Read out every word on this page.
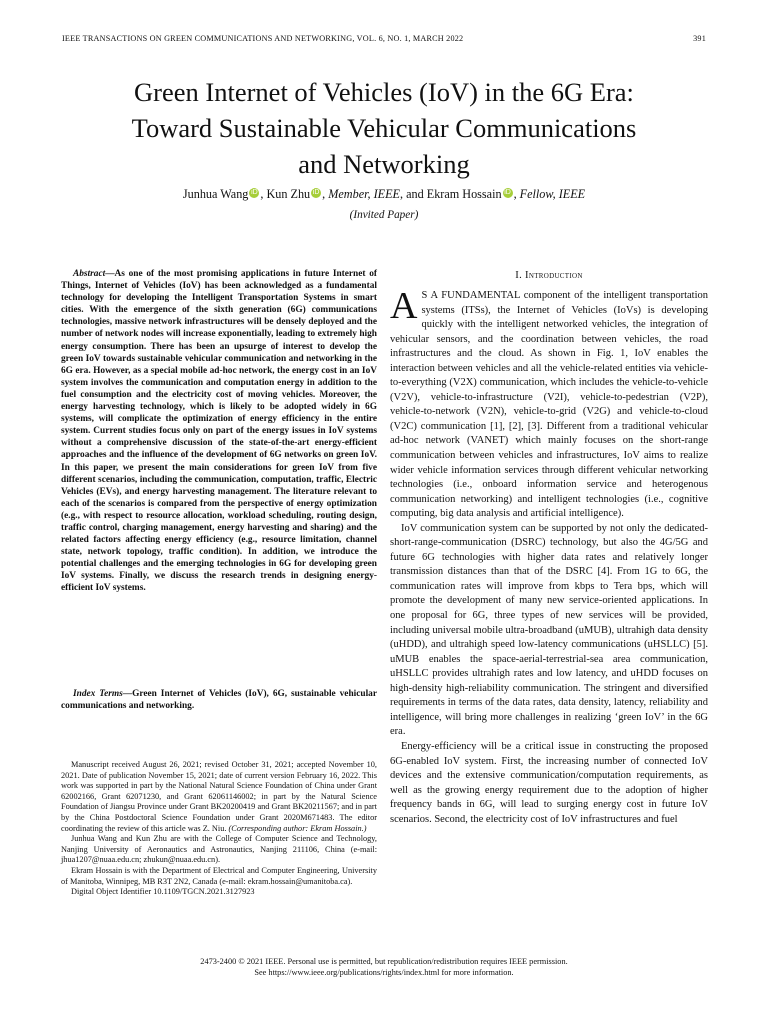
IEEE TRANSACTIONS ON GREEN COMMUNICATIONS AND NETWORKING, VOL. 6, NO. 1, MARCH 2022	391
Green Internet of Vehicles (IoV) in the 6G Era:
Toward Sustainable Vehicular Communications
and Networking
Junhua Wang iD , Kun Zhu iD , Member, IEEE, and Ekram Hossain iD , Fellow, IEEE
(Invited Paper)
Abstract—As one of the most promising applications in future Internet of Things, Internet of Vehicles (IoV) has been acknowledged as a fundamental technology for developing the Intelligent Transportation Systems in smart cities. With the emergence of the sixth generation (6G) communications technologies, massive network infrastructures will be densely deployed and the number of network nodes will increase exponentially, leading to extremely high energy consumption. There has been an upsurge of interest to develop the green IoV towards sustainable vehicular communication and networking in the 6G era. However, as a special mobile ad-hoc network, the energy cost in an IoV system involves the communication and computation energy in addition to the fuel consumption and the electricity cost of moving vehicles. Moreover, the energy harvesting technology, which is likely to be adopted widely in 6G systems, will complicate the optimization of energy efficiency in the entire system. Current studies focus only on part of the energy issues in IoV systems without a comprehensive discussion of the state-of-the-art energy-efficient approaches and the influence of the development of 6G networks on green IoV. In this paper, we present the main considerations for green IoV from five different scenarios, including the communication, computation, traffic, Electric Vehicles (EVs), and energy harvesting management. The literature relevant to each of the scenarios is compared from the perspective of energy optimization (e.g., with respect to resource allocation, workload scheduling, routing design, traffic control, charging management, energy harvesting and sharing) and the related factors affecting energy efficiency (e.g., resource limitation, channel state, network topology, traffic condition). In addition, we introduce the potential challenges and the emerging technologies in 6G for developing green IoV systems. Finally, we discuss the research trends in designing energy-efficient IoV systems.
Index Terms—Green Internet of Vehicles (IoV), 6G, sustainable vehicular communications and networking.

Manuscript received August 26, 2021; revised October 31, 2021; accepted November 10, 2021. Date of publication November 15, 2021; date of current version February 16, 2022. This work was supported in part by the National Natural Science Foundation of China under Grant 62002166, Grant 62071230, and Grant 62061146002; in part by the Natural Science Foundation of Jiangsu Province under Grant BK20200419 and Grant BK20211567; and in part by the China Postdoctoral Science Foundation under Grant 2020M671483. The editor coordinating the review of this article was Z. Niu. (Corresponding author: Ekram Hossain.)

Junhua Wang and Kun Zhu are with the College of Computer Science and Technology, Nanjing University of Aeronautics and Astronautics, Nanjing 211106, China (e-mail: jhua1207@nuaa.edu.cn; zhukun@nuaa.edu.cn).

Ekram Hossain is with the Department of Electrical and Computer Engineering, University of Manitoba, Winnipeg, MB R3T 2N2, Canada (e-mail: ekram.hossain@umanitoba.ca).

Digital Object Identifier 10.1109/TGCN.2021.3127923

I. Introduction

A S A FUNDAMENTAL component of the intelligent transportation systems (ITSs), the Internet of Vehicles (IoVs) is developing quickly with the intelligent networked vehicles, the integration of vehicular sensors, and the coordination between vehicles, the road infrastructures and the cloud. As shown in Fig. 1, IoV enables the interaction between vehicles and all the vehicle-related entities via vehicle-to-everything (V2X) communication, which includes the vehicle-to-vehicle (V2V), vehicle-to-infrastructure (V2I), vehicle-to-pedestrian (V2P), vehicle-to-network (V2N), vehicle-to-grid (V2G) and vehicle-to-cloud (V2C) communication [1], [2], [3]. Different from a traditional vehicular ad-hoc network (VANET) which mainly focuses on the short-range communication between vehicles and infrastructures, IoV aims to realize wider vehicle information services through different vehicular networking technologies (i.e., onboard information service and heterogenous communication networking) and intelligent technologies (i.e., cognitive computing, big data analysis and artificial intelligence).

IoV communication system can be supported by not only the dedicated-short-range-communication (DSRC) technology, but also the 4G/5G and future 6G technologies with higher data rates and relatively longer transmission distances than that of the DSRC [4]. From 1G to 6G, the communication rates will improve from kbps to Tera bps, which will promote the development of many new service-oriented applications. In one proposal for 6G, three types of new services will be provided, including universal mobile ultra-broadband (uMUB), ultrahigh data density (uHDD), and ultrahigh speed low-latency communications (uHSLLC) [5]. uMUB enables the space-aerial-terrestrial-sea area communication, uHSLLC provides ultrahigh rates and low latency, and uHDD focuses on high-density high-reliability communication. The stringent and diversified requirements in terms of the data rates, data density, latency, reliability and intelligence, will bring more challenges in realizing ‘green IoV’ in the 6G era.

Energy-efficiency will be a critical issue in constructing the proposed 6G-enabled IoV system. First, the increasing number of connected IoV devices and the extensive communication/computation requirements, as well as the growing energy requirement due to the adoption of higher frequency bands in 6G, will lead to surging energy cost in future IoV scenarios. Second, the electricity cost of IoV infrastructures and fuel

2473-2400 © 2021 IEEE. Personal use is permitted, but republication/redistribution requires IEEE permission.
See https://www.ieee.org/publications/rights/index.html for more information.
